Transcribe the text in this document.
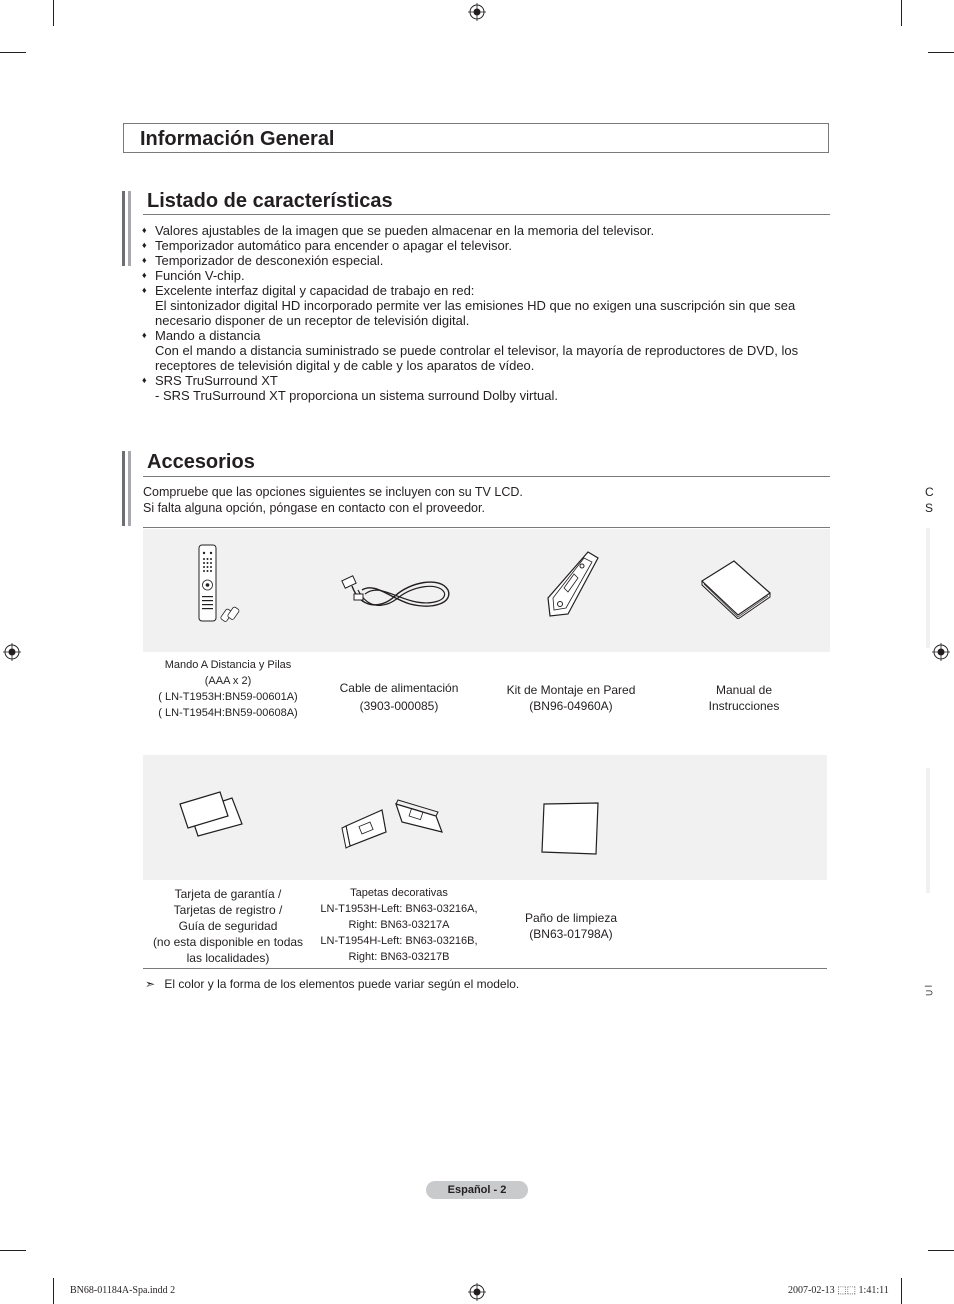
C
S
_
⊃
Información General
Listado de características
♦ Valores ajustables de la imagen que se pueden almacenar en la memoria del televisor.
♦ Temporizador automático para encender o apagar el televisor.
♦ Temporizador de desconexión especial.
♦ Función V-chip.
♦ Excelente interfaz digital y capacidad de trabajo en red:
El sintonizador digital HD incorporado permite ver las emisiones HD que no exigen una suscripción sin que sea necesario disponer de un receptor de televisión digital.
♦ Mando a distancia
Con el mando a distancia suministrado se puede controlar el televisor, la mayoría de reproductores de DVD, los receptores de televisión digital y de cable y los aparatos de vídeo.
♦ SRS TruSurround XT
- SRS TruSurround XT proporciona un sistema surround Dolby virtual.
Accesorios
Compruebe que las opciones siguientes se incluyen con su TV LCD.
Si falta alguna opción, póngase en contacto con el proveedor.
Mando A Distancia y Pilas
(AAA x 2)
( LN-T1953H:BN59-00601A)
( LN-T1954H:BN59-00608A)
Cable de alimentación
(3903-000085)
Kit de Montaje en Pared
(BN96-04960A)
Manual de
Instrucciones
Tarjeta de garantía /
Tarjetas de registro /
Guía de seguridad
(no esta disponible en todas
las localidades)
Tapetas decorativas
LN-T1953H-Left: BN63-03216A,
Right: BN63-03217A
LN-T1954H-Left: BN63-03216B,
Right: BN63-03217B
Paño de limpieza
(BN63-01798A)
➣ El color y la forma de los elementos puede variar según el modelo.
Español - 2
BN68-01184A-Spa.indd 2	2007-02-13 ⬚⬚ 1:41:11
